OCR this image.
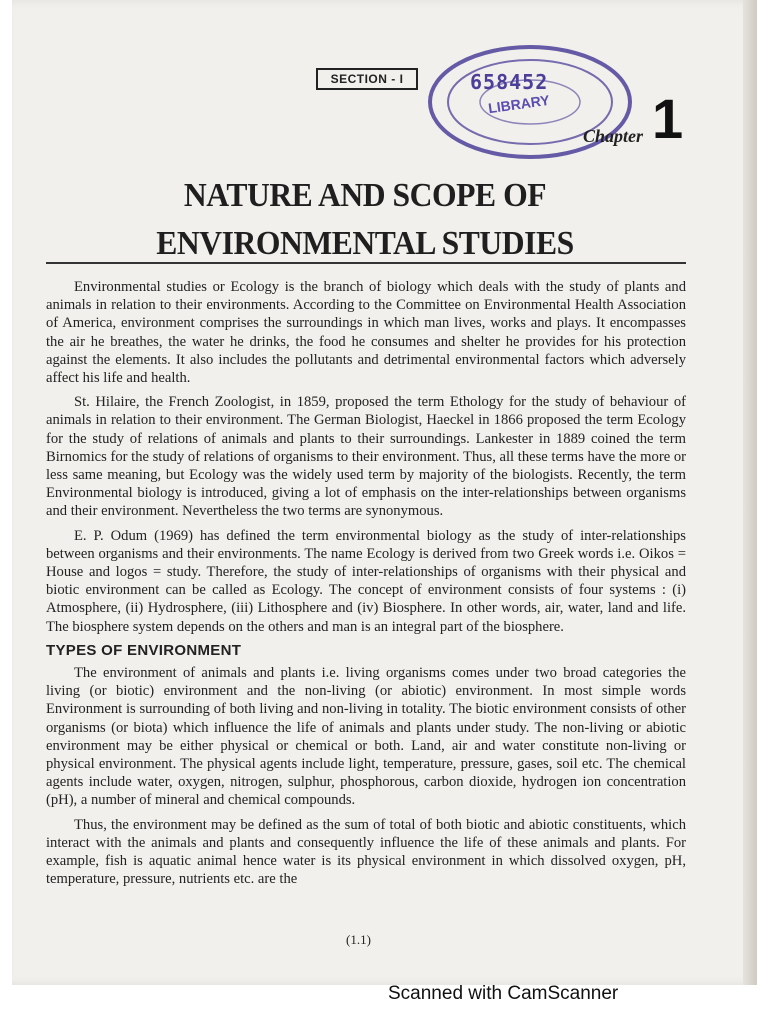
SECTION - I	658452
LIBRARY
Chapter 1
NATURE AND SCOPE OF ENVIRONMENTAL STUDIES

Environmental studies or Ecology is the branch of biology which deals with the study of plants and animals in relation to their environments. According to the Committee on Environmental Health Association of America, environment comprises the surroundings in which man lives, works and plays. It encompasses the air he breathes, the water he drinks, the food he consumes and shelter he provides for his protection against the elements. It also includes the pollutants and detrimental environmental factors which adversely affect his life and health.

St. Hilaire, the French Zoologist, in 1859, proposed the term Ethology for the study of behaviour of animals in relation to their environment. The German Biologist, Haeckel in 1866 proposed the term Ecology for the study of relations of animals and plants to their surroundings. Lankester in 1889 coined the term Birnomics for the study of relations of organisms to their environment. Thus, all these terms have the more or less same meaning, but Ecology was the widely used term by majority of the biologists. Recently, the term Environmental biology is introduced, giving a lot of emphasis on the inter-relationships between organisms and their environment. Nevertheless the two terms are synonymous.

E. P. Odum (1969) has defined the term environmental biology as the study of inter-relationships between organisms and their environments. The name Ecology is derived from two Greek words i.e. Oikos = House and logos = study. Therefore, the study of inter-relationships of organisms with their physical and biotic environment can be called as Ecology. The concept of environment consists of four systems : (i) Atmosphere, (ii) Hydrosphere, (iii) Lithosphere and (iv) Biosphere. In other words, air, water, land and life. The biosphere system depends on the others and man is an integral part of the biosphere.

TYPES OF ENVIRONMENT

The environment of animals and plants i.e. living organisms comes under two broad categories the living (or biotic) environment and the non-living (or abiotic) environment. In most simple words Environment is surrounding of both living and non-living in totality. The biotic environment consists of other organisms (or biota) which influence the life of animals and plants under study. The non-living or abiotic environment may be either physical or chemical or both. Land, air and water constitute non-living or physical environment. The physical agents include light, temperature, pressure, gases, soil etc. The chemical agents include water, oxygen, nitrogen, sulphur, phosphorous, carbon dioxide, hydrogen ion concentration (pH), a number of mineral and chemical compounds.

Thus, the environment may be defined as the sum of total of both biotic and abiotic constituents, which interact with the animals and plants and consequently influence the life of these animals and plants. For example, fish is aquatic animal hence water is its physical environment in which dissolved oxygen, pH, temperature, pressure, nutrients etc. are the

(1.1)
Scanned with CamScanner
